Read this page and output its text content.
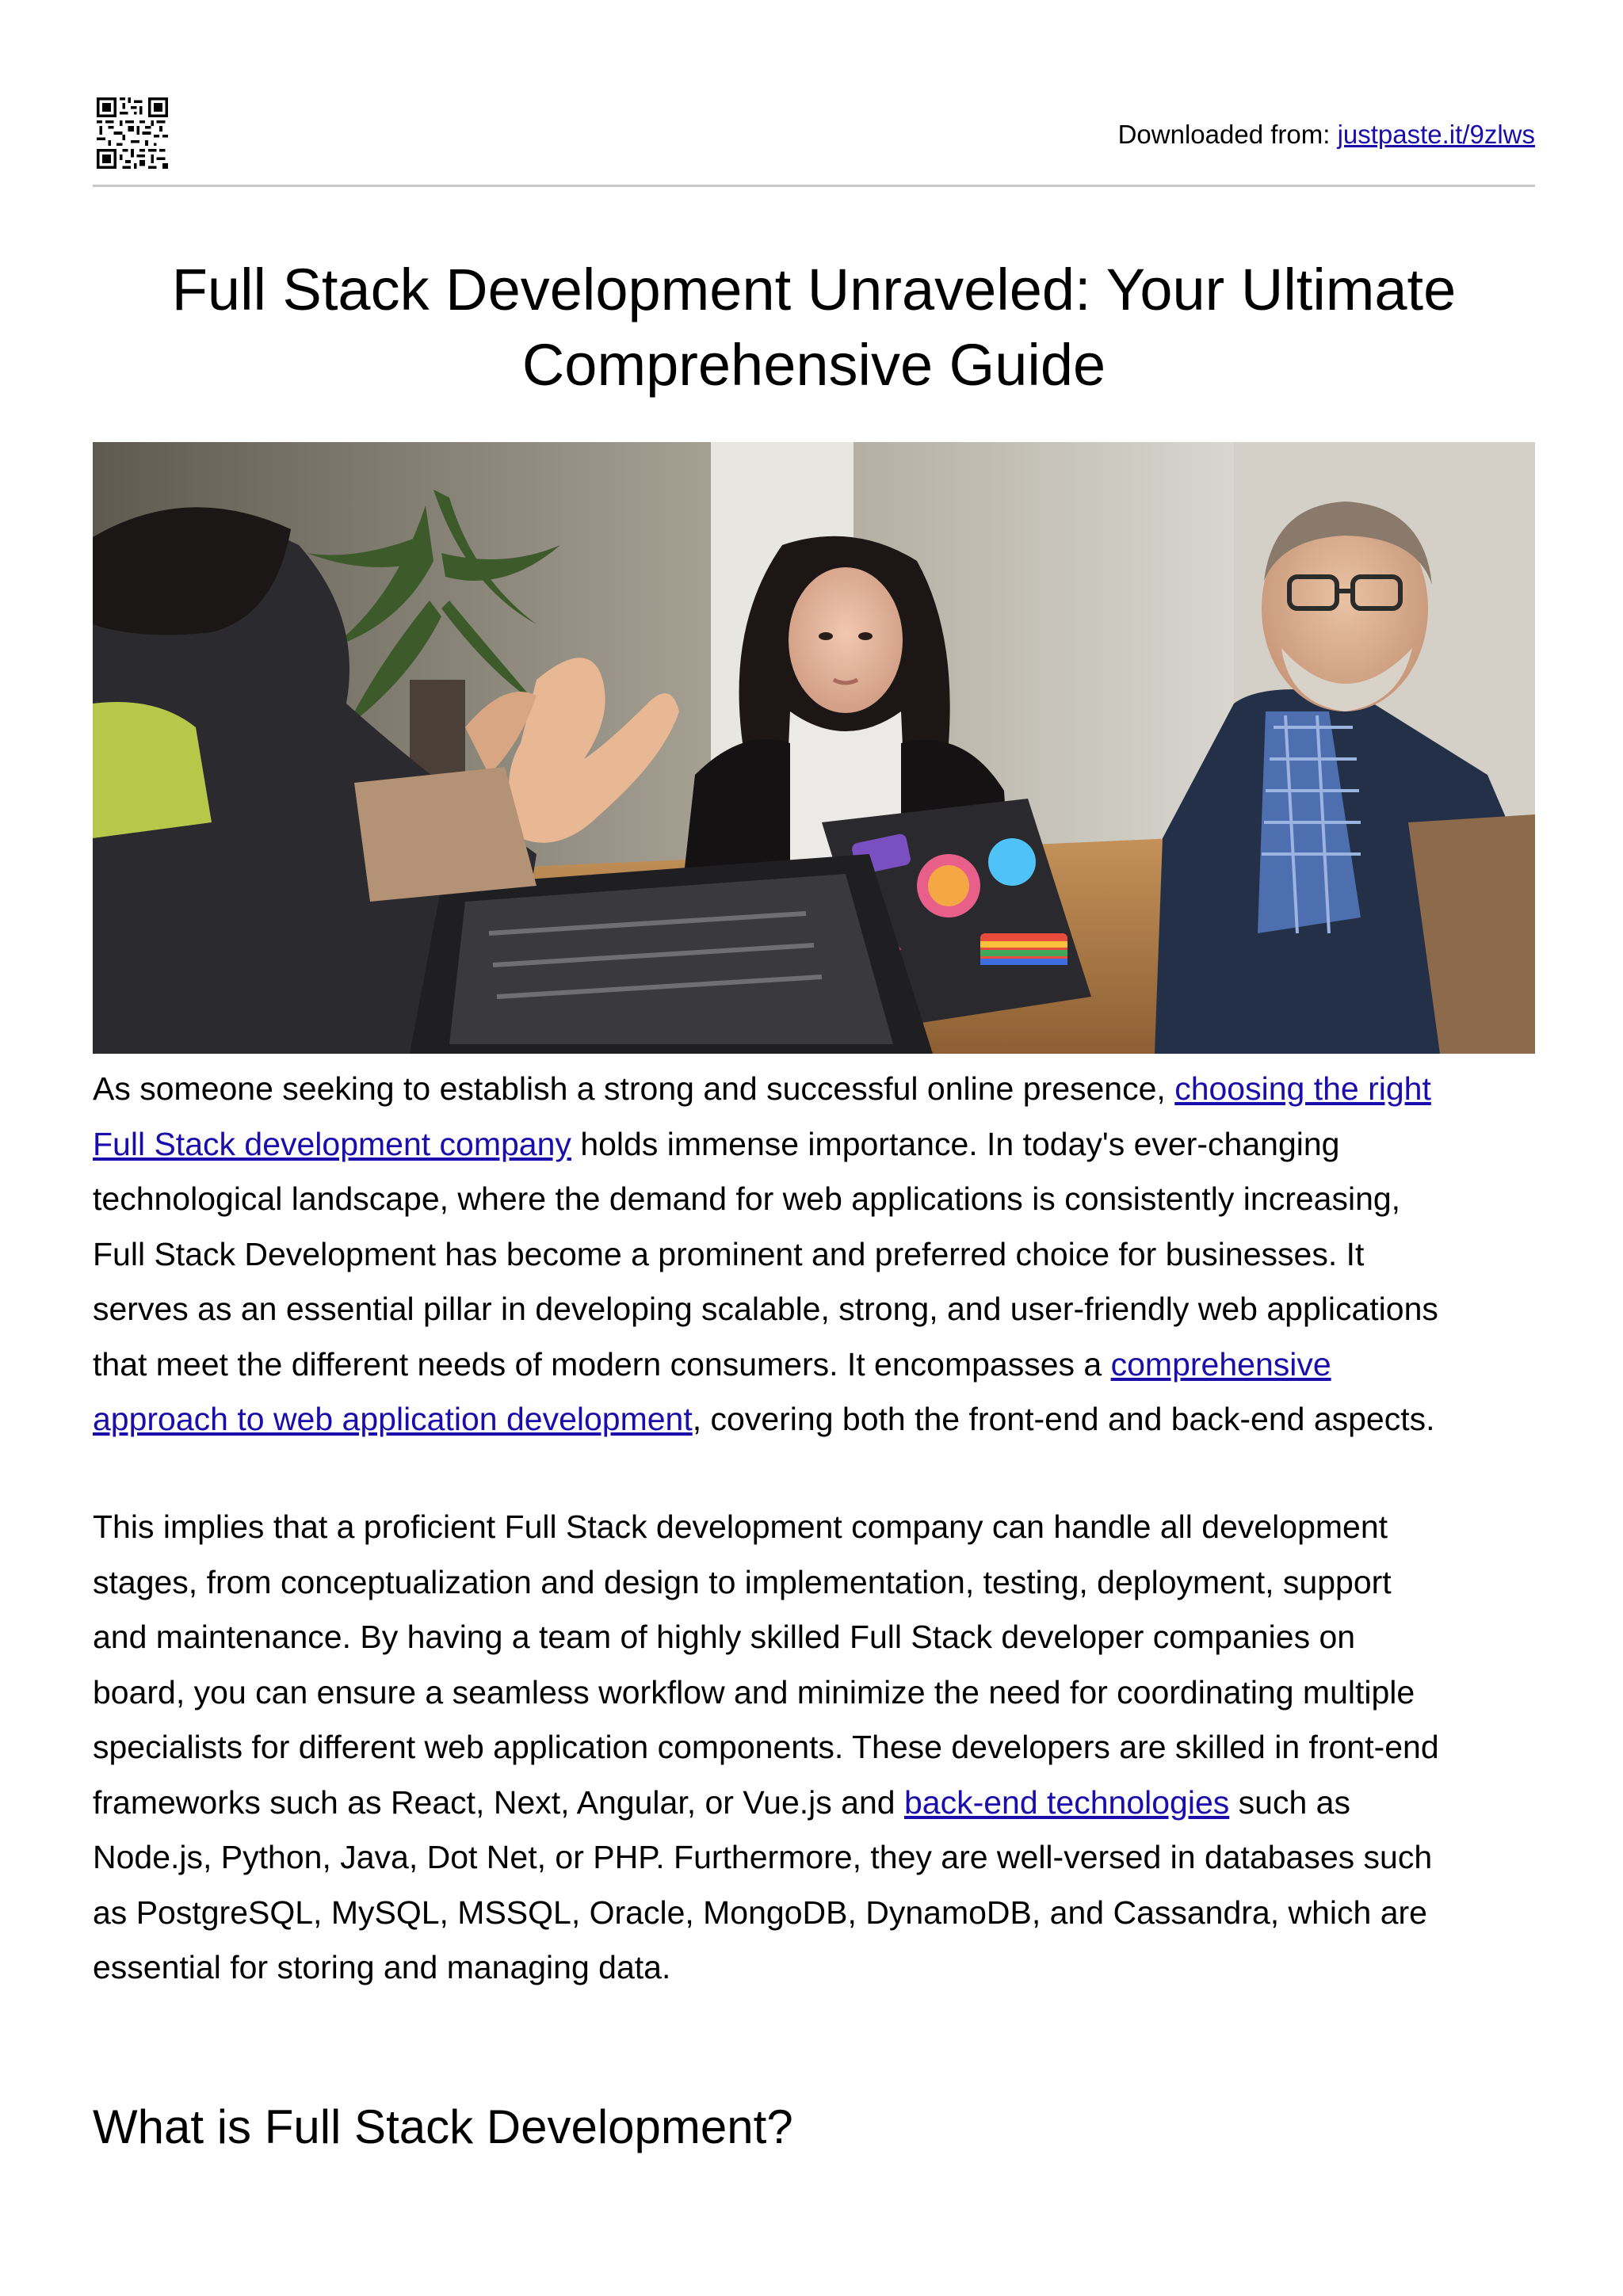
Downloaded from: justpaste.it/9zlws
Full Stack Development Unraveled: Your Ultimate
Comprehensive Guide
As someone seeking to establish a strong and successful online presence, choosing the right
Full Stack development company holds immense importance. In today's ever-changing
technological landscape, where the demand for web applications is consistently increasing,
Full Stack Development has become a prominent and preferred choice for businesses. It
serves as an essential pillar in developing scalable, strong, and user-friendly web applications
that meet the different needs of modern consumers. It encompasses a comprehensive
approach to web application development, covering both the front-end and back-end aspects.
This implies that a proficient Full Stack development company can handle all development
stages, from conceptualization and design to implementation, testing, deployment, support
and maintenance. By having a team of highly skilled Full Stack developer companies on
board, you can ensure a seamless workflow and minimize the need for coordinating multiple
specialists for different web application components. These developers are skilled in front-end
frameworks such as React, Next, Angular, or Vue.js and back-end technologies such as
Node.js, Python, Java, Dot Net, or PHP. Furthermore, they are well-versed in databases such
as PostgreSQL, MySQL, MSSQL, Oracle, MongoDB, DynamoDB, and Cassandra, which are
essential for storing and managing data.
What is Full Stack Development?
